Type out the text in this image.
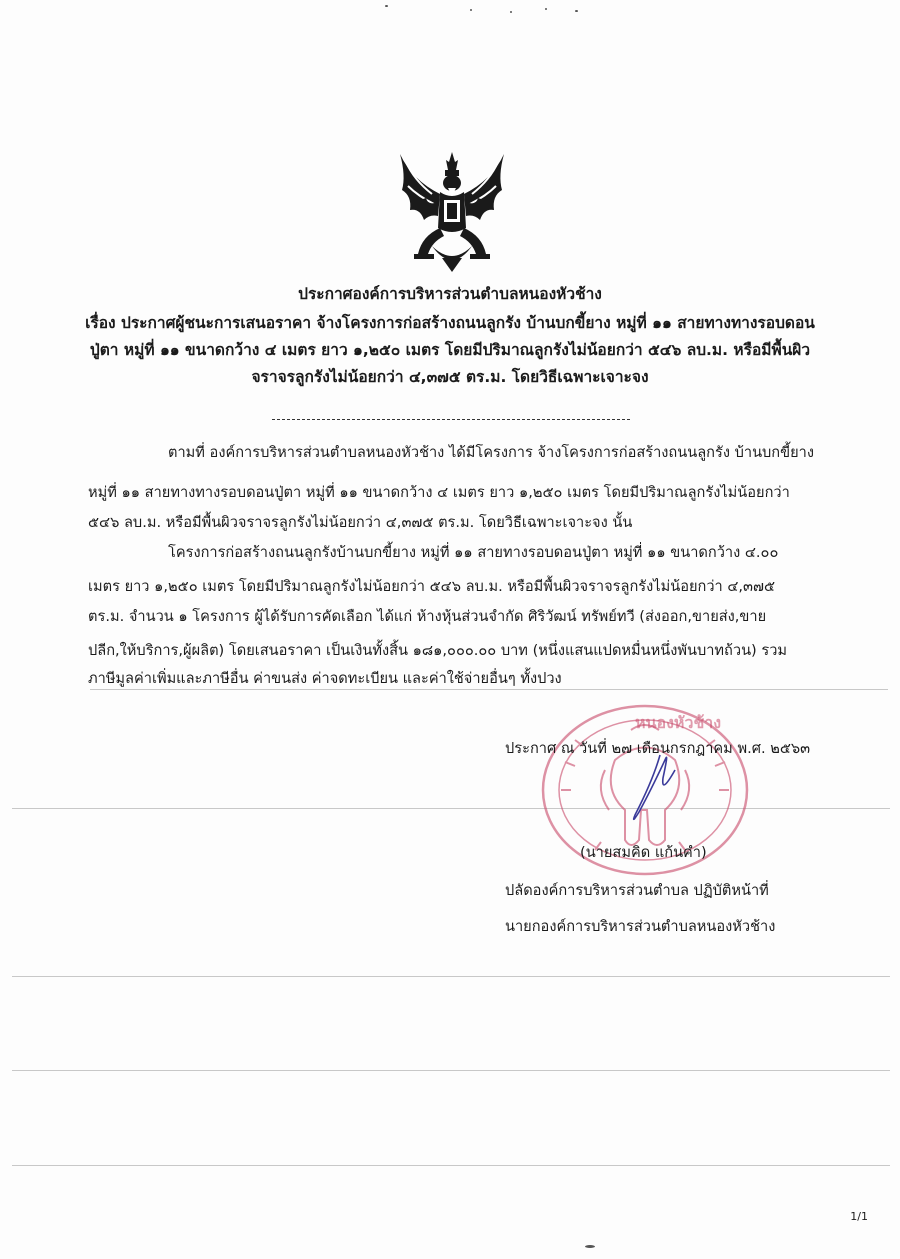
ประกาศองค์การบริหารส่วนตำบลหนองหัวช้าง
เรื่อง ประกาศผู้ชนะการเสนอราคา จ้างโครงการก่อสร้างถนนลูกรัง บ้านบกขี้ยาง หมู่ที่ ๑๑ สายทางทางรอบดอน
ปู่ตา หมู่ที่ ๑๑ ขนาดกว้าง ๔ เมตร ยาว ๑,๒๕๐ เมตร โดยมีปริมาณลูกรังไม่น้อยกว่า ๕๔๖ ลบ.ม. หรือมีพื้นผิว
จราจรลูกรังไม่น้อยกว่า ๔,๓๗๕ ตร.ม. โดยวิธีเฉพาะเจาะจง
ตามที่ องค์การบริหารส่วนตำบลหนองหัวช้าง ได้มีโครงการ จ้างโครงการก่อสร้างถนนลูกรัง บ้านบกขี้ยาง
หมู่ที่ ๑๑ สายทางทางรอบดอนปู่ตา หมู่ที่ ๑๑ ขนาดกว้าง ๔ เมตร ยาว ๑,๒๕๐ เมตร โดยมีปริมาณลูกรังไม่น้อยกว่า
๕๔๖ ลบ.ม. หรือมีพื้นผิวจราจรลูกรังไม่น้อยกว่า ๔,๓๗๕ ตร.ม. โดยวิธีเฉพาะเจาะจง นั้น
โครงการก่อสร้างถนนลูกรังบ้านบกขี้ยาง หมู่ที่ ๑๑ สายทางรอบดอนปู่ตา หมู่ที่ ๑๑ ขนาดกว้าง ๔.๐๐
เมตร ยาว ๑,๒๕๐ เมตร โดยมีปริมาณลูกรังไม่น้อยกว่า ๕๔๖ ลบ.ม. หรือมีพื้นผิวจราจรลูกรังไม่น้อยกว่า ๔,๓๗๕
ตร.ม. จำนวน ๑ โครงการ ผู้ได้รับการคัดเลือก ได้แก่ ห้างหุ้นส่วนจำกัด ศิริวัฒน์ ทรัพย์ทวี (ส่งออก,ขายส่ง,ขาย
ปลีก,ให้บริการ,ผู้ผลิต) โดยเสนอราคา เป็นเงินทั้งสิ้น ๑๘๑,๐๐๐.๐๐ บาท (หนึ่งแสนแปดหมื่นหนึ่งพันบาทถ้วน) รวม
ภาษีมูลค่าเพิ่มและภาษีอื่น ค่าขนส่ง ค่าจดทะเบียน และค่าใช้จ่ายอื่นๆ ทั้งปวง
หนองหัวช้าง
ประกาศ ณ วันที่ ๒๗ เดือนกรกฎาคม พ.ศ. ๒๕๖๓
(นายสมคิด แก้นคำ)
ปลัดองค์การบริหารส่วนตำบล ปฏิบัติหน้าที่
นายกองค์การบริหารส่วนตำบลหนองหัวช้าง
1/1
